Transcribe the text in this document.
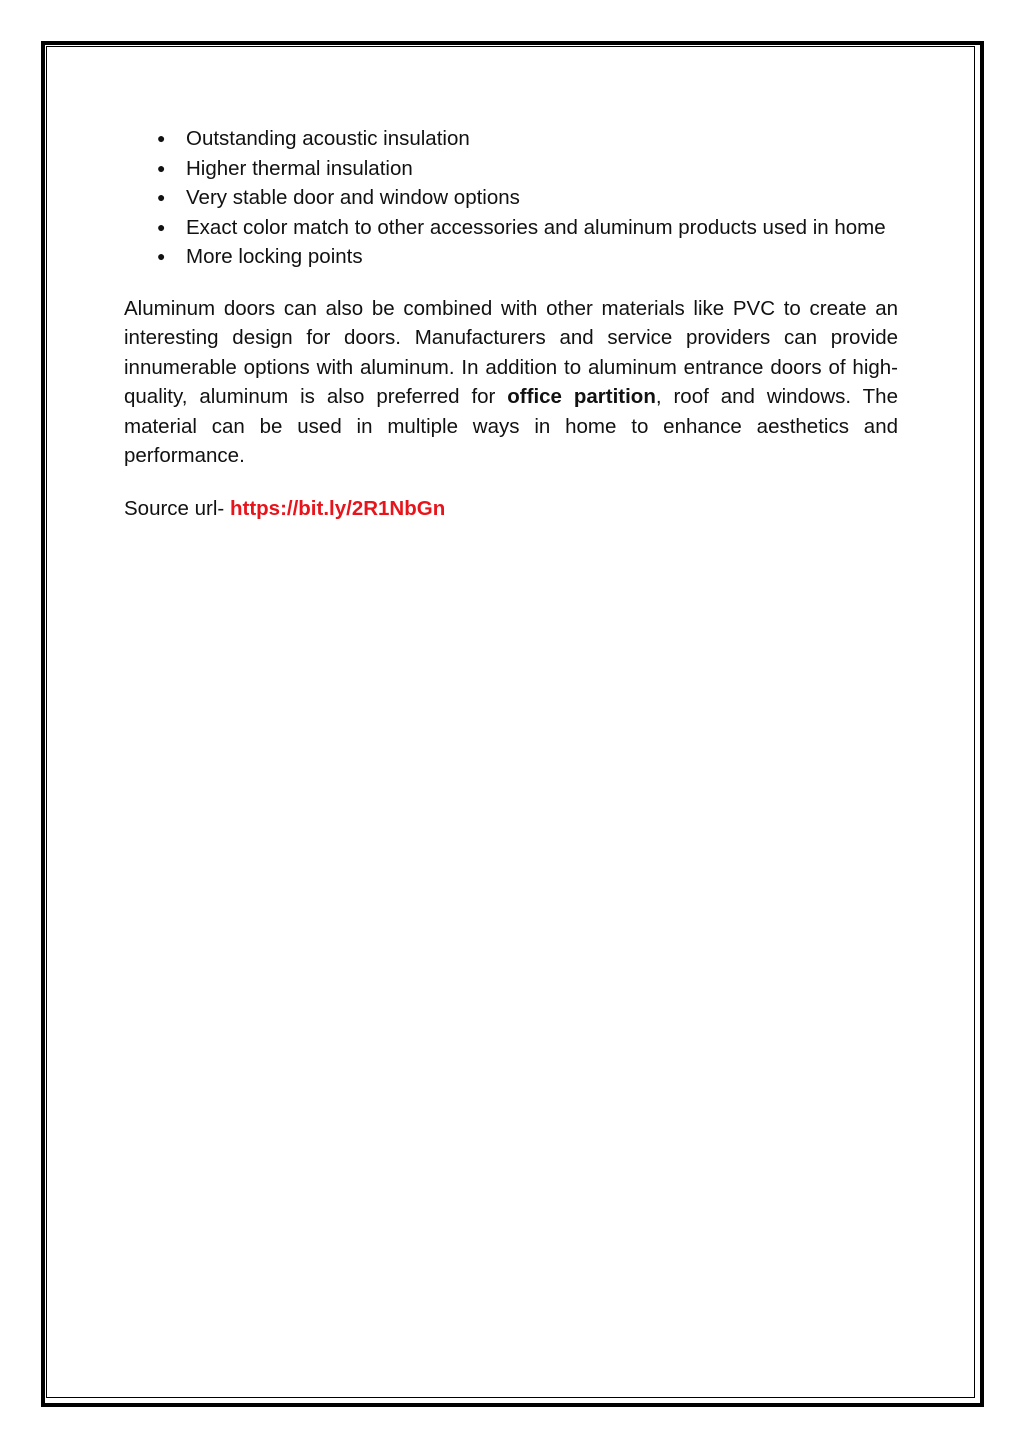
● Outstanding acoustic insulation
● Higher thermal insulation
● Very stable door and window options
● Exact color match to other accessories and aluminum products used in home
● More locking points

Aluminum doors can also be combined with other materials like PVC to create an interesting design for doors. Manufacturers and service providers can provide innumerable options with aluminum. In addition to aluminum entrance doors of high-quality, aluminum is also preferred for office partition, roof and windows. The material can be used in multiple ways in home to enhance aesthetics and performance.

Source url- https://bit.ly/2R1NbGn
